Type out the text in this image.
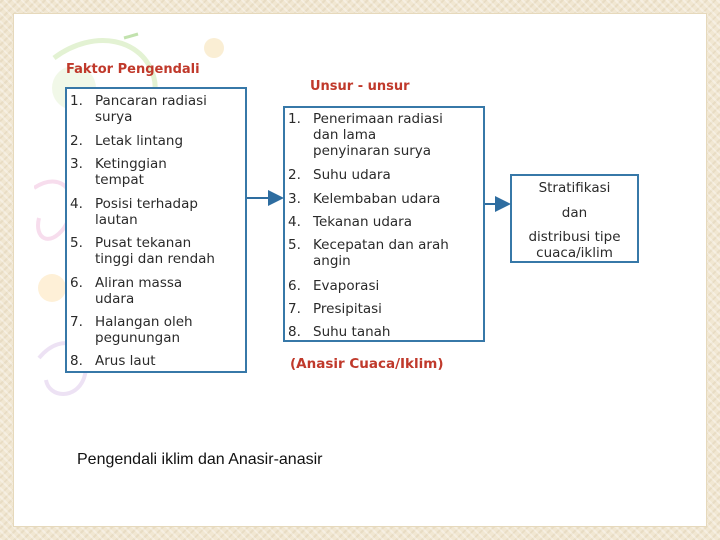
Faktor Pengendali
Unsur - unsur
1. Pancaran radiasi
surya
2. Letak lintang
3. Ketinggian
tempat
4. Posisi terhadap
lautan
5. Pusat tekanan
tinggi dan rendah
6. Aliran massa
udara
7. Halangan oleh
pegunungan
8. Arus laut
1. Penerimaan radiasi
dan lama
penyinaran surya
2. Suhu udara
3. Kelembaban udara
4. Tekanan udara
5. Kecepatan dan arah
angin
6. Evaporasi
7. Presipitasi
8. Suhu tanah
Stratifikasi
dan
distribusi tipe
cuaca/iklim
(Anasir Cuaca/Iklim)
Pengendali iklim dan Anasir-anasir
